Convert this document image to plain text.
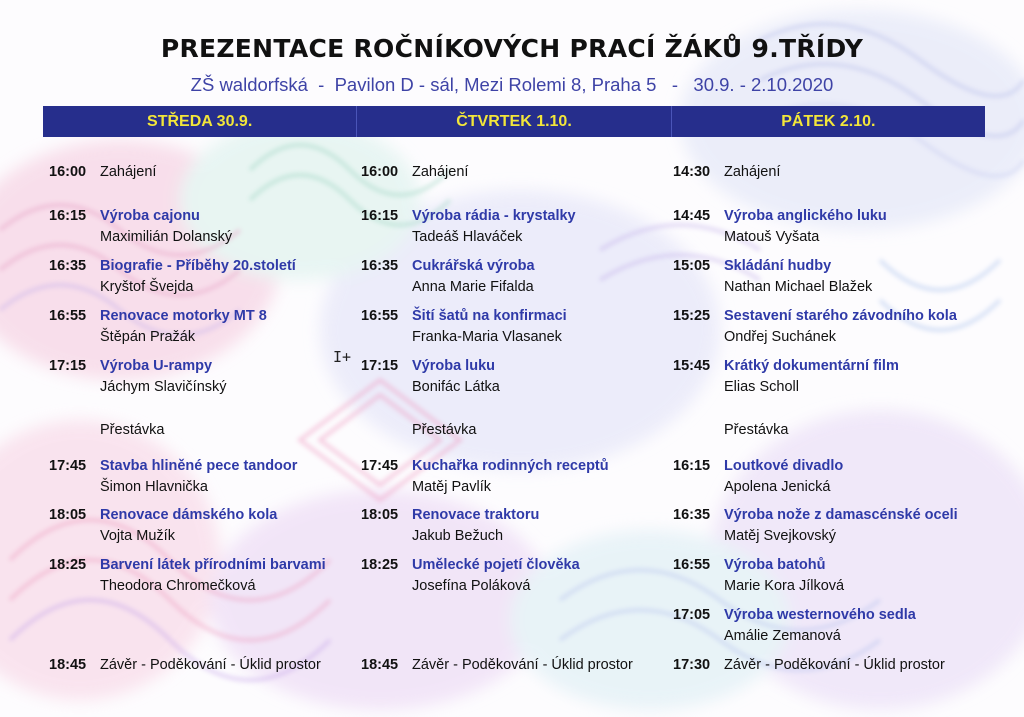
PREZENTACE ROČNÍKOVÝCH PRACÍ ŽÁKŮ 9.TŘÍDY
ZŠ waldorfská  -  Pavilon D - sál, Mezi Rolemi 8, Praha 5   -   30.9. - 2.10.2020
STŘEDA 30.9.	ČTVRTEK 1.10.	PÁTEK 2.10.
16:00 Zahájení
16:15 Výroba cajonu
Maximilián Dolanský
16:35 Biografie - Příběhy 20.století
Kryštof Švejda
16:55 Renovace motorky MT 8
Štěpán Pražák
17:15 Výroba U-rampy
Jáchym Slavičínský
Přestávka
17:45 Stavba hliněné pece tandoor
Šimon Hlavnička
18:05 Renovace dámského kola
Vojta Mužík
18:25 Barvení látek přírodními barvami
Theodora Chromečková
18:45 Závěr - Poděkování - Úklid prostor
16:00 Zahájení
16:15 Výroba rádia - krystalky
Tadeáš Hlaváček
16:35 Cukrářská výroba
Anna Marie Fifalda
16:55 Šití šatů na konfirmaci
Franka-Maria Vlasanek
17:15 Výroba luku
Bonifác Látka
Přestávka
17:45 Kuchařka rodinných receptů
Matěj Pavlík
18:05 Renovace traktoru
Jakub Bežuch
18:25 Umělecké pojetí člověka
Josefína Poláková
18:45 Závěr - Poděkování - Úklid prostor
14:30 Zahájení
14:45 Výroba anglického luku
Matouš Vyšata
15:05 Skládání hudby
Nathan Michael Blažek
15:25 Sestavení starého závodního kola
Ondřej Suchánek
15:45 Krátký dokumentární film
Elias Scholl
Přestávka
16:15 Loutkové divadlo
Apolena Jenická
16:35 Výroba nože z damascénské oceli
Matěj Svejkovský
16:55 Výroba batohů
Marie Kora Jílková
17:05 Výroba westernového sedla
Amálie Zemanová
17:30 Závěr - Poděkování - Úklid prostor
I+
